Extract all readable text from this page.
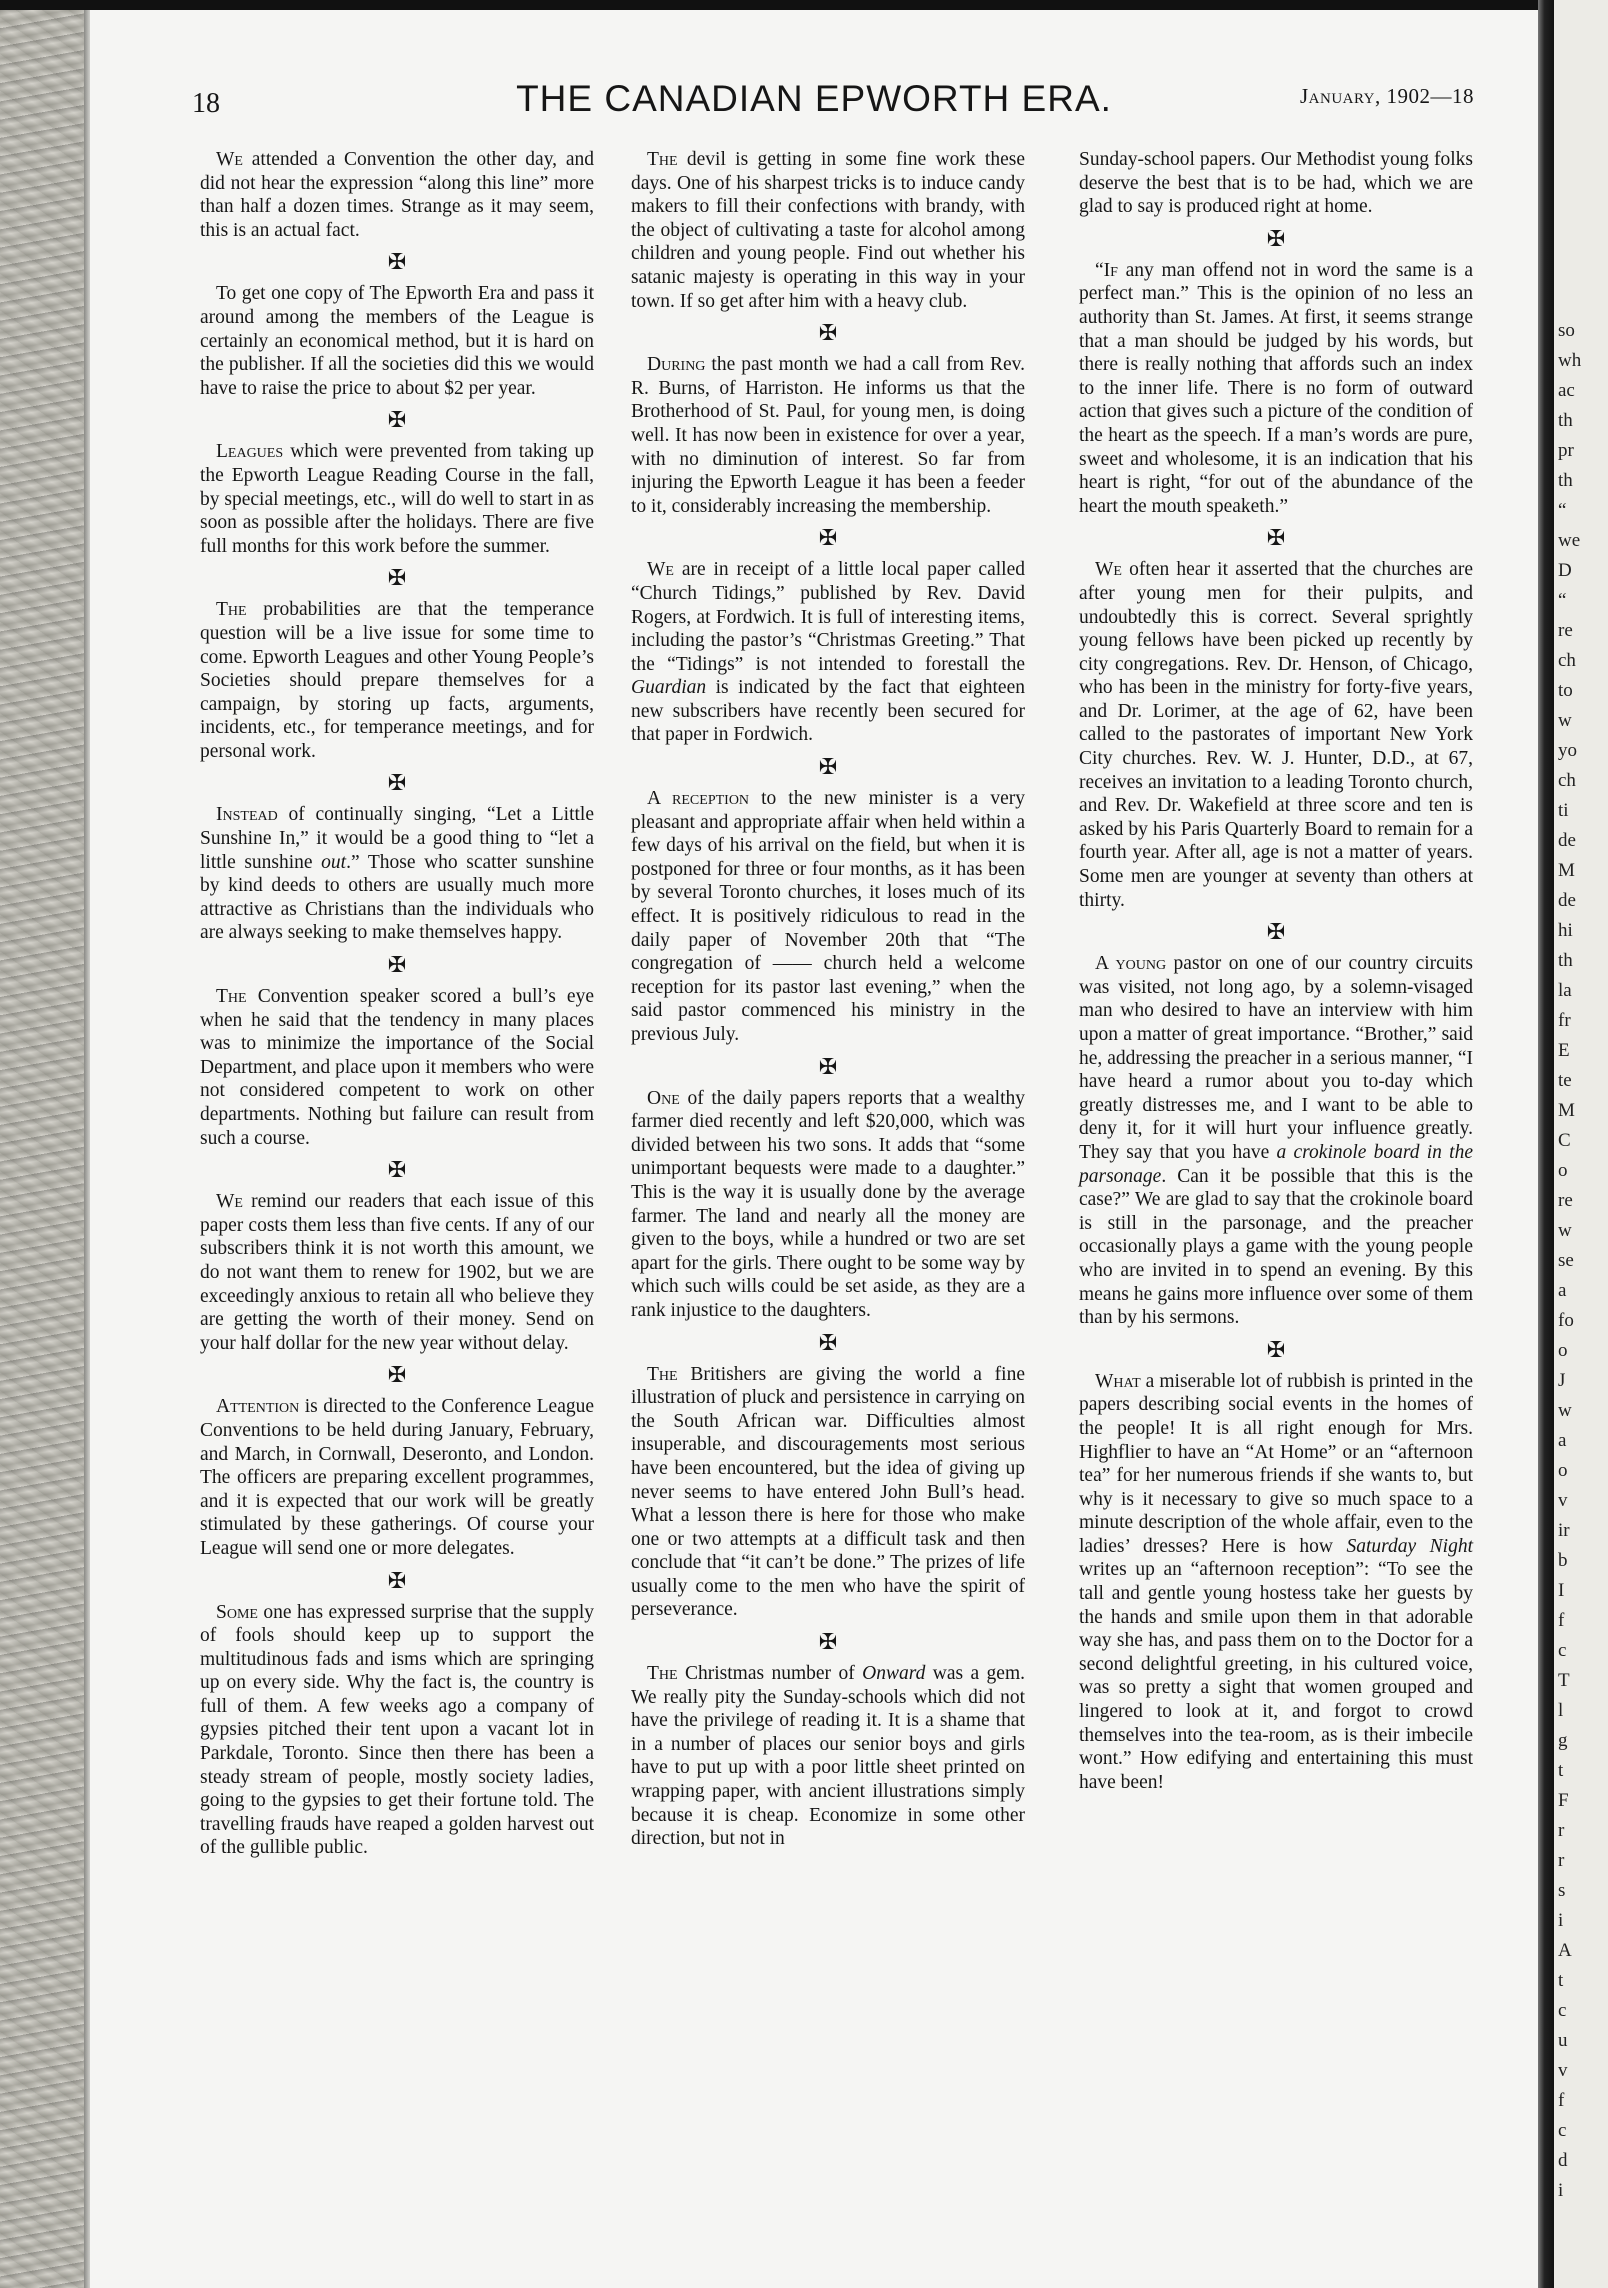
18	THE CANADIAN EPWORTH ERA.	January, 1902—18

We attended a Convention the other day, and did not hear the expression “along this line” more than half a dozen times. Strange as it may seem, this is an actual fact.

✠

To get one copy of The Epworth Era and pass it around among the members of the League is certainly an economical method, but it is hard on the publisher. If all the societies did this we would have to raise the price to about $2 per year.

✠

Leagues which were prevented from taking up the Epworth League Reading Course in the fall, by special meetings, etc., will do well to start in as soon as possible after the holidays. There are five full months for this work before the summer.

✠

The probabilities are that the temperance question will be a live issue for some time to come. Epworth Leagues and other Young People’s Societies should prepare themselves for a campaign, by storing up facts, arguments, incidents, etc., for temperance meetings, and for personal work.

✠

Instead of continually singing, “Let a Little Sunshine In,” it would be a good thing to “let a little sunshine out.” Those who scatter sunshine by kind deeds to others are usually much more attractive as Christians than the individuals who are always seeking to make themselves happy.

✠

The Convention speaker scored a bull’s eye when he said that the tendency in many places was to minimize the importance of the Social Department, and place upon it members who were not considered competent to work on other departments. Nothing but failure can result from such a course.

✠

We remind our readers that each issue of this paper costs them less than five cents. If any of our subscribers think it is not worth this amount, we do not want them to renew for 1902, but we are exceedingly anxious to retain all who believe they are getting the worth of their money. Send on your half dollar for the new year without delay.

✠

Attention is directed to the Conference League Conventions to be held during January, February, and March, in Cornwall, Deseronto, and London. The officers are preparing excellent programmes, and it is expected that our work will be greatly stimulated by these gatherings. Of course your League will send one or more delegates.

✠

Some one has expressed surprise that the supply of fools should keep up to support the multitudinous fads and isms which are springing up on every side. Why the fact is, the country is full of them. A few weeks ago a company of gypsies pitched their tent upon a vacant lot in Parkdale, Toronto. Since then there has been a steady stream of people, mostly society ladies, going to the gypsies to get their fortune told. The travelling frauds have reaped a golden harvest out of the gullible public.

The devil is getting in some fine work these days. One of his sharpest tricks is to induce candy makers to fill their confections with brandy, with the object of cultivating a taste for alcohol among children and young people. Find out whether his satanic majesty is operating in this way in your town. If so get after him with a heavy club.

✠

During the past month we had a call from Rev. R. Burns, of Harriston. He informs us that the Brotherhood of St. Paul, for young men, is doing well. It has now been in existence for over a year, with no diminution of interest. So far from injuring the Epworth League it has been a feeder to it, considerably increasing the membership.

✠

We are in receipt of a little local paper called “Church Tidings,” published by Rev. David Rogers, at Fordwich. It is full of interesting items, including the pastor’s “Christmas Greeting.” That the “Tidings” is not intended to forestall the Guardian is indicated by the fact that eighteen new subscribers have recently been secured for that paper in Fordwich.

✠

A reception to the new minister is a very pleasant and appropriate affair when held within a few days of his arrival on the field, but when it is postponed for three or four months, as it has been by several Toronto churches, it loses much of its effect. It is positively ridiculous to read in the daily paper of November 20th that “The congregation of —— church held a welcome reception for its pastor last evening,” when the said pastor commenced his ministry in the previous July.

✠

One of the daily papers reports that a wealthy farmer died recently and left $20,000, which was divided between his two sons. It adds that “some unimportant bequests were made to a daughter.” This is the way it is usually done by the average farmer. The land and nearly all the money are given to the boys, while a hundred or two are set apart for the girls. There ought to be some way by which such wills could be set aside, as they are a rank injustice to the daughters.

✠

The Britishers are giving the world a fine illustration of pluck and persistence in carrying on the South African war. Difficulties almost insuperable, and discouragements most serious have been encountered, but the idea of giving up never seems to have entered John Bull’s head. What a lesson there is here for those who make one or two attempts at a difficult task and then conclude that “it can’t be done.” The prizes of life usually come to the men who have the spirit of perseverance.

✠

The Christmas number of Onward was a gem. We really pity the Sunday-schools which did not have the privilege of reading it. It is a shame that in a number of places our senior boys and girls have to put up with a poor little sheet printed on wrapping paper, with ancient illustrations simply because it is cheap. Economize in some other direction, but not in

Sunday-school papers. Our Methodist young folks deserve the best that is to be had, which we are glad to say is produced right at home.

✠

“If any man offend not in word the same is a perfect man.” This is the opinion of no less an authority than St. James. At first, it seems strange that a man should be judged by his words, but there is really nothing that affords such an index to the inner life. There is no form of outward action that gives such a picture of the condition of the heart as the speech. If a man’s words are pure, sweet and wholesome, it is an indication that his heart is right, “for out of the abundance of the heart the mouth speaketh.”

✠

We often hear it asserted that the churches are after young men for their pulpits, and undoubtedly this is correct. Several sprightly young fellows have been picked up recently by city congregations. Rev. Dr. Henson, of Chicago, who has been in the ministry for forty-five years, and Dr. Lorimer, at the age of 62, have been called to the pastorates of important New York City churches. Rev. W. J. Hunter, D.D., at 67, receives an invitation to a leading Toronto church, and Rev. Dr. Wakefield at three score and ten is asked by his Paris Quarterly Board to remain for a fourth year. After all, age is not a matter of years. Some men are younger at seventy than others at thirty.

✠

A young pastor on one of our country circuits was visited, not long ago, by a solemn-visaged man who desired to have an interview with him upon a matter of great importance. “Brother,” said he, addressing the preacher in a serious manner, “I have heard a rumor about you to-day which greatly distresses me, and I want to be able to deny it, for it will hurt your influence greatly. They say that you have a crokinole board in the parsonage. Can it be possible that this is the case?” We are glad to say that the crokinole board is still in the parsonage, and the preacher occasionally plays a game with the young people who are invited in to spend an evening. By this means he gains more influence over some of them than by his sermons.

✠

What a miserable lot of rubbish is printed in the papers describing social events in the homes of the people! It is all right enough for Mrs. Highflier to have an “At Home” or an “afternoon tea” for her numerous friends if she wants to, but why is it necessary to give so much space to a minute description of the whole affair, even to the ladies’ dresses? Here is how Saturday Night writes up an “afternoon reception”: “To see the tall and gentle young hostess take her guests by the hands and smile upon them in that adorable way she has, and pass them on to the Doctor for a second delightful greeting, in his cultured voice, was so pretty a sight that women grouped and lingered to look at it, and forgot to crowd themselves into the tea-room, as is their imbecile wont.” How edifying and entertaining this must have been!

so
wh
ac
th
pr
th
“
we
D
“
re
ch
to
w
yo
ch
ti
de
M
de
hi
th
la
fr
E
te
M
C
o
re
w
se
a
fo
o
J
w
a
o
v
ir
b
I
f
c
T
l
g
t
F
r
r
s
i
A
t
c
u
v
f
c
d
i
